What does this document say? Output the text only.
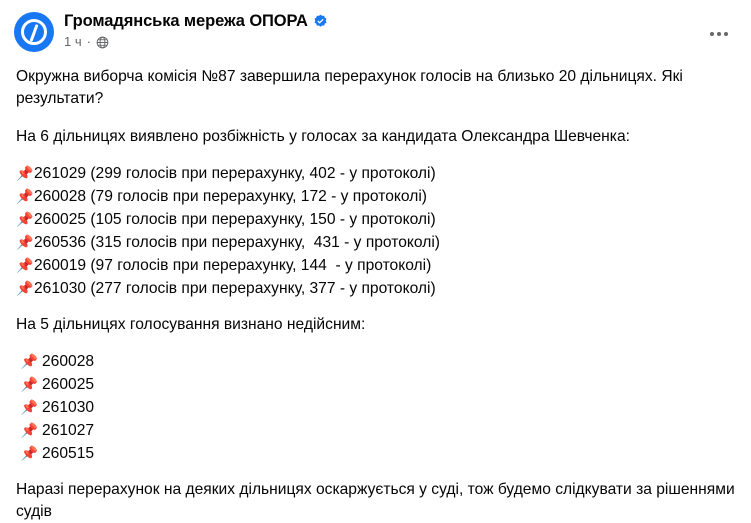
Громадянська мережа ОПОРА
1 ч ·

Окружна виборча комісія №87 завершила перерахунок голосів на близько 20 дільницях. Які результати?

На 6 дільницях виявлено розбіжність у голосах за кандидата Олександра Шевченка:

📌 261029 (299 голосів при перерахунку, 402 - у протоколі)
📌 260028 (79 голосів при перерахунку, 172 - у протоколі)
📌 260025 (105 голосів при перерахунку, 150 - у протоколі)
📌 260536 (315 голосів при перерахунку,  431 - у протоколі)
📌 260019 (97 голосів при перерахунку, 144  - у протоколі)
📌 261030 (277 голосів при перерахунку, 377 - у протоколі)

На 5 дільницях голосування визнано недійсним:

📌 260028
📌 260025
📌 261030
📌 261027
📌 260515

Наразі перерахунок на деяких дільницях оскаржується у суді, тож будемо слідкувати за рішеннями судів
